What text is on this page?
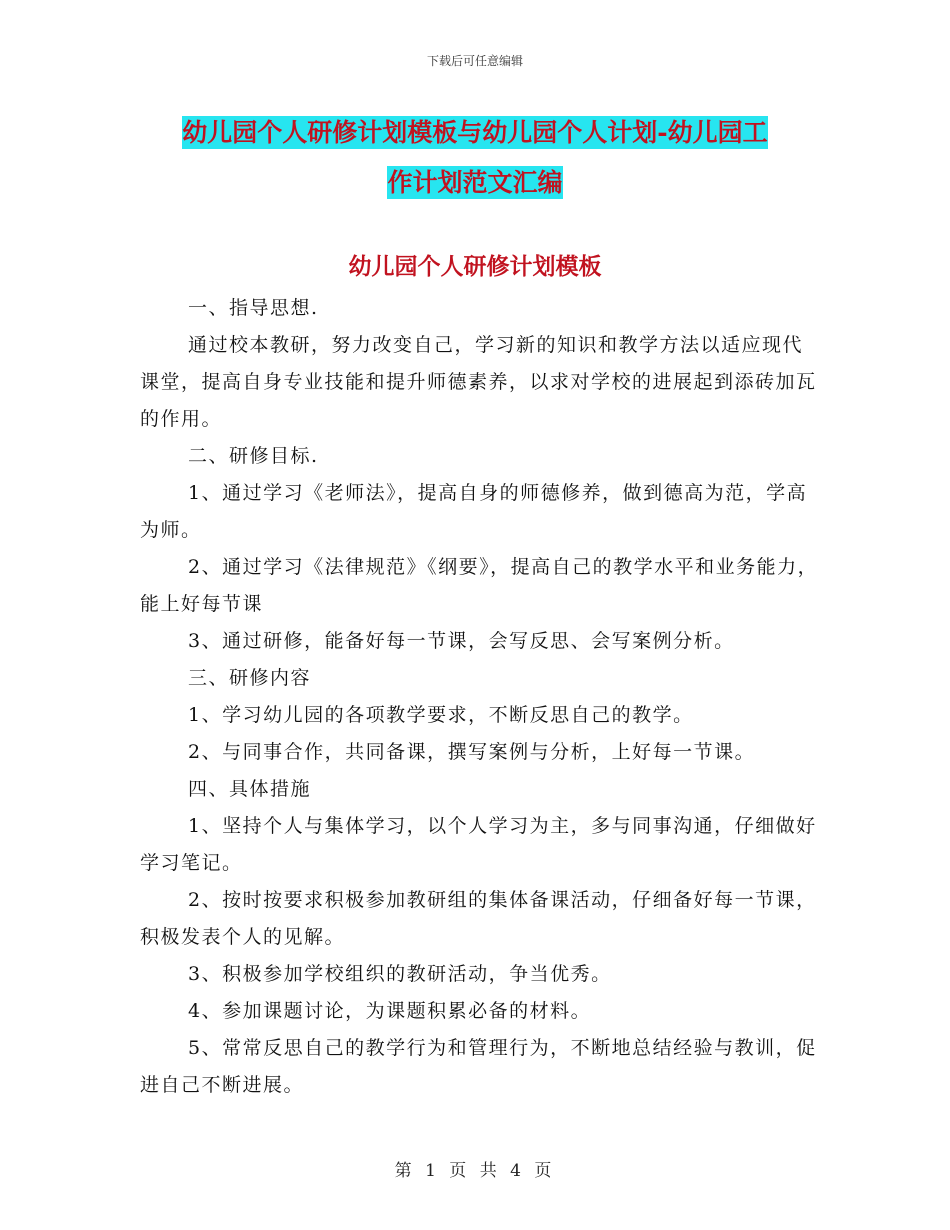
下载后可任意编辑
幼儿园个人研修计划模板与幼儿园个人计划-幼儿园工
作计划范文汇编
幼儿园个人研修计划模板

一、指导思想.

通过校本教研，努力改变自己，学习新的知识和教学方法以适应现代课堂，提高自身专业技能和提升师德素养，以求对学校的进展起到添砖加瓦的作用。

二、研修目标.

1、通过学习《老师法》，提高自身的师德修养，做到德高为范，学高为师。

2、通过学习《法律规范》《纲要》，提高自己的教学水平和业务能力，能上好每节课

3、通过研修，能备好每一节课，会写反思、会写案例分析。

三、研修内容

1、学习幼儿园的各项教学要求，不断反思自己的教学。

2、与同事合作，共同备课，撰写案例与分析，上好每一节课。

四、具体措施

1、坚持个人与集体学习，以个人学习为主，多与同事沟通，仔细做好学习笔记。

2、按时按要求积极参加教研组的集体备课活动，仔细备好每一节课，积极发表个人的见解。

3、积极参加学校组织的教研活动，争当优秀。

4、参加课题讨论，为课题积累必备的材料。

5、常常反思自己的教学行为和管理行为，不断地总结经验与教训，促进自己不断进展。

第 1 页 共 4 页
